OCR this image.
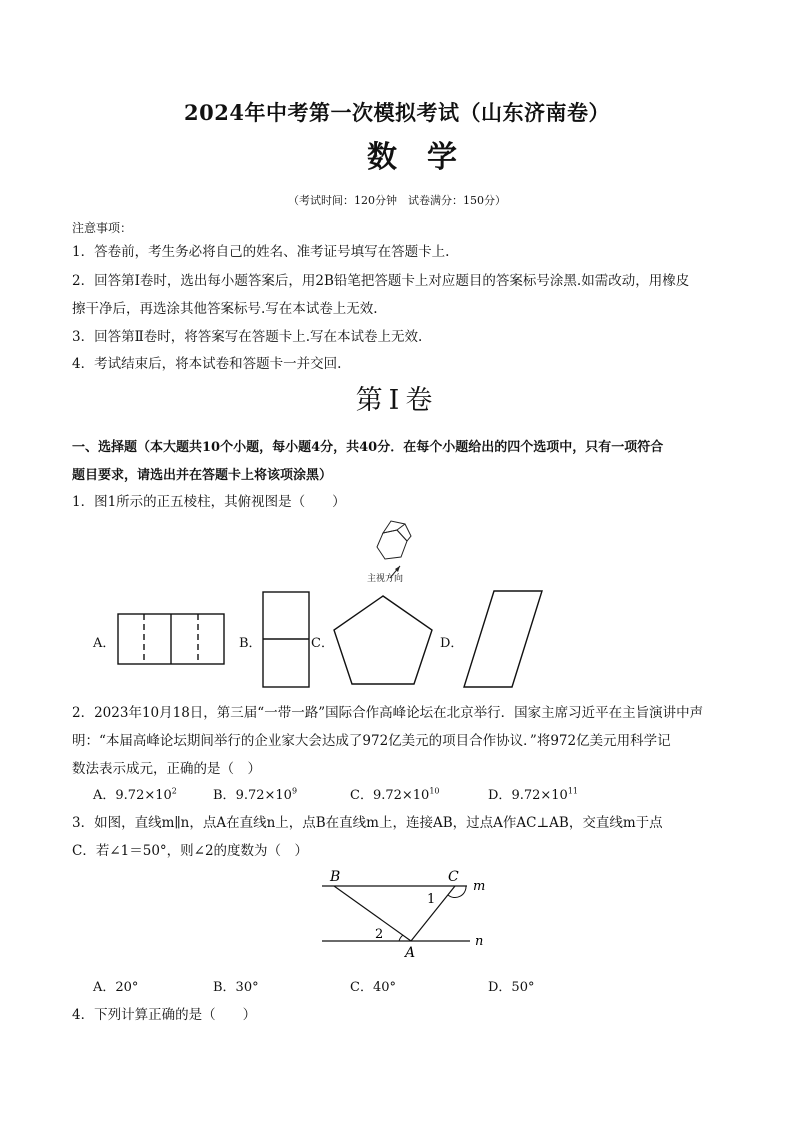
2024年中考第一次模拟考试（山东济南卷）
数学
（考试时间：120分钟　试卷满分：150分）
注意事项：
1．答卷前，考生务必将自己的姓名、准考证号填写在答题卡上.
2．回答第Ⅰ卷时，选出每小题答案后，用2B铅笔把答题卡上对应题目的答案标号涂黑.如需改动，用橡皮
擦干净后，再选涂其他答案标号.写在本试卷上无效.
3．回答第Ⅱ卷时，将答案写在答题卡上.写在本试卷上无效.
4．考试结束后，将本试卷和答题卡一并交回.
第Ⅰ卷
一、选择题（本大题共10个小题，每小题4分，共40分．在每个小题给出的四个选项中，只有一项符合
题目要求，请选出并在答题卡上将该项涂黑）
1．图1所示的正五棱柱，其俯视图是（　　）
主视方向
A．	B．	C．	D．
2．2023年10月18日，第三届“一带一路”国际合作高峰论坛在北京举行．国家主席习近平在主旨演讲中声
明：“本届高峰论坛期间举行的企业家大会达成了972亿美元的项目合作协议．”将972亿美元用科学记
数法表示成元，正确的是（　）
A．$9.72\times 10^2$	B．$9.72\times 10^9$	C．$9.72\times 10^{10}$	D．$9.72\times 10^{11}$
3．如图，直线m∥n，点A在直线n上，点B在直线m上，连接AB，过点A作AC⊥AB，交直线m于点
C．若∠1＝50°，则∠2的度数为（　）
B	C
m
1
2	n
A
A．20°	B．30°	C．40°	D．50°
4．下列计算正确的是（　　）
